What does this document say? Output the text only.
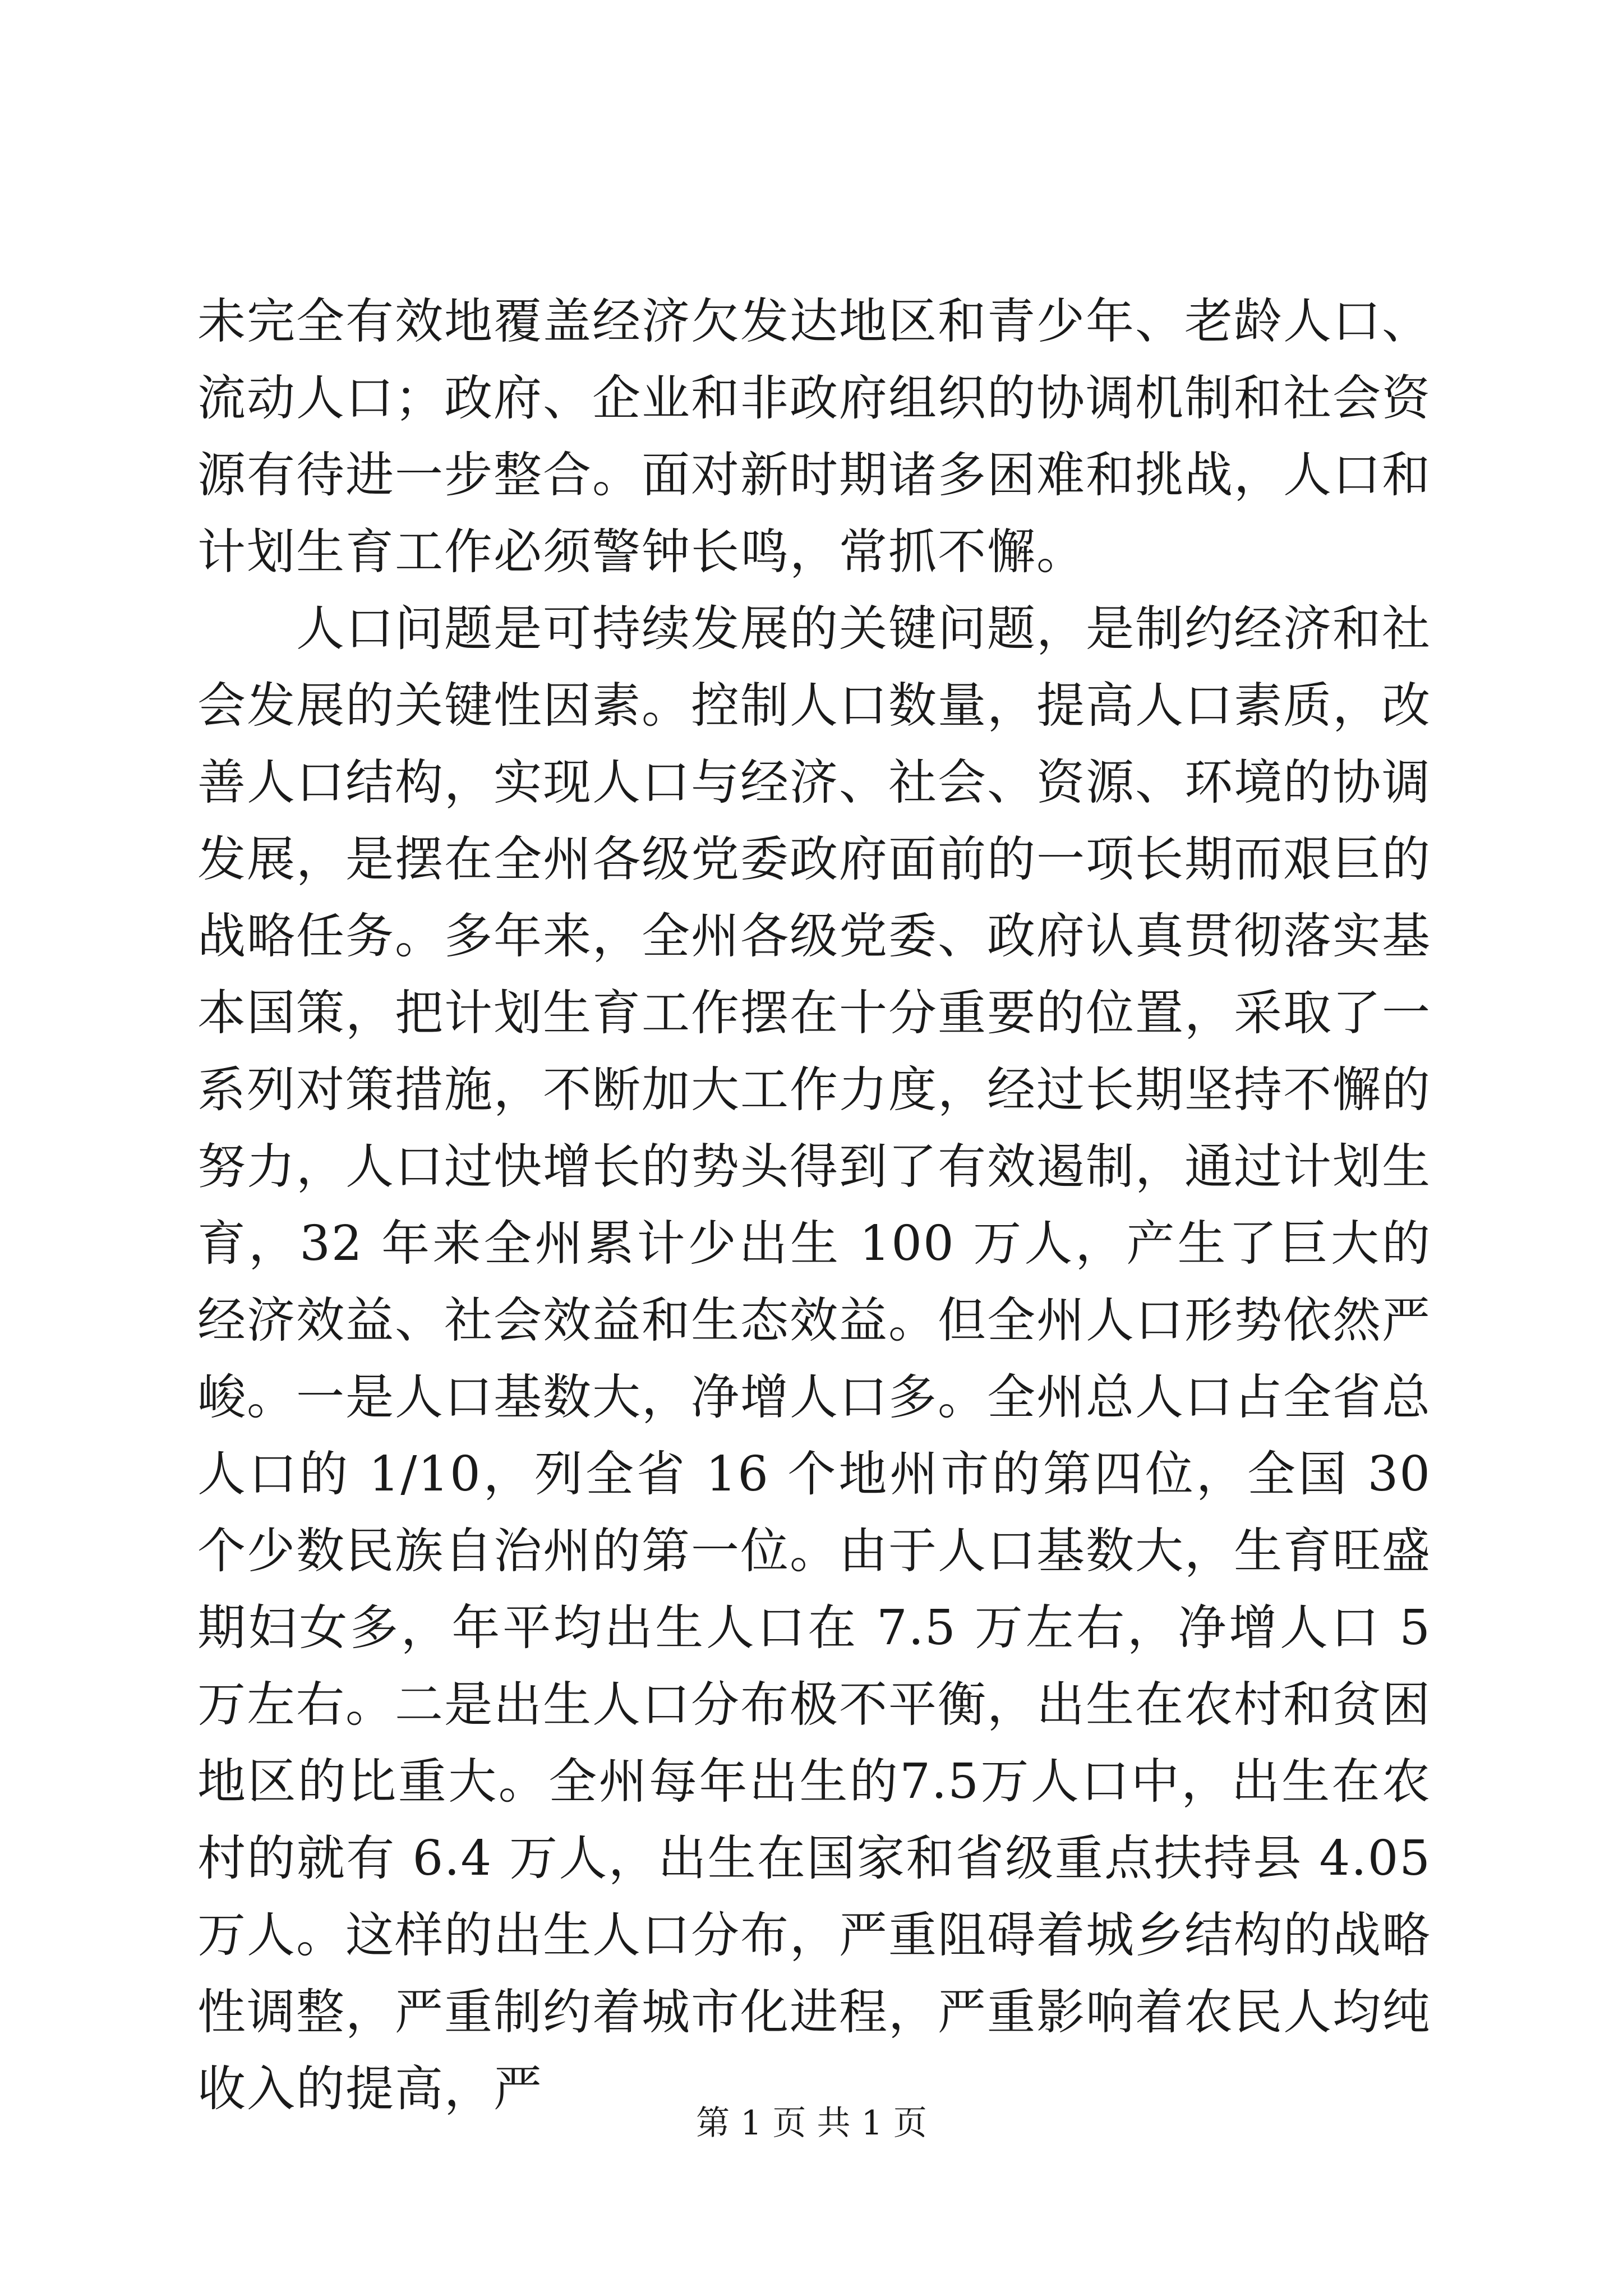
未完全有效地覆盖经济欠发达地区和青少年、老龄人口、流动人口；政府、企业和非政府组织的协调机制和社会资源有待进一步整合。面对新时期诸多困难和挑战，人口和计划生育工作必须警钟长鸣，常抓不懈。

人口问题是可持续发展的关键问题，是制约经济和社会发展的关键性因素。控制人口数量，提高人口素质，改善人口结构，实现人口与经济、社会、资源、环境的协调发展，是摆在全州各级党委政府面前的一项长期而艰巨的战略任务。多年来，全州各级党委、政府认真贯彻落实基本国策，把计划生育工作摆在十分重要的位置，采取了一系列对策措施，不断加大工作力度，经过长期坚持不懈的努力，人口过快增长的势头得到了有效遏制，通过计划生育，32 年来全州累计少出生 100 万人，产生了巨大的经济效益、社会效益和生态效益。但全州人口形势依然严峻。一是人口基数大，净增人口多。全州总人口占全省总人口的 1/10，列全省 16 个地州市的第四位，全国 30 个少数民族自治州的第一位。由于人口基数大，生育旺盛期妇女多，年平均出生人口在 7.5 万左右，净增人口 5 万左右。二是出生人口分布极不平衡，出生在农村和贫困地区的比重大。全州每年出生的7.5万人口中，出生在农村的就有 6.4 万人，出生在国家和省级重点扶持县 4.05 万人。这样的出生人口分布，严重阻碍着城乡结构的战略性调整，严重制约着城市化进程，严重影响着农民人均纯收入的提高，严

第 1 页 共 1 页
